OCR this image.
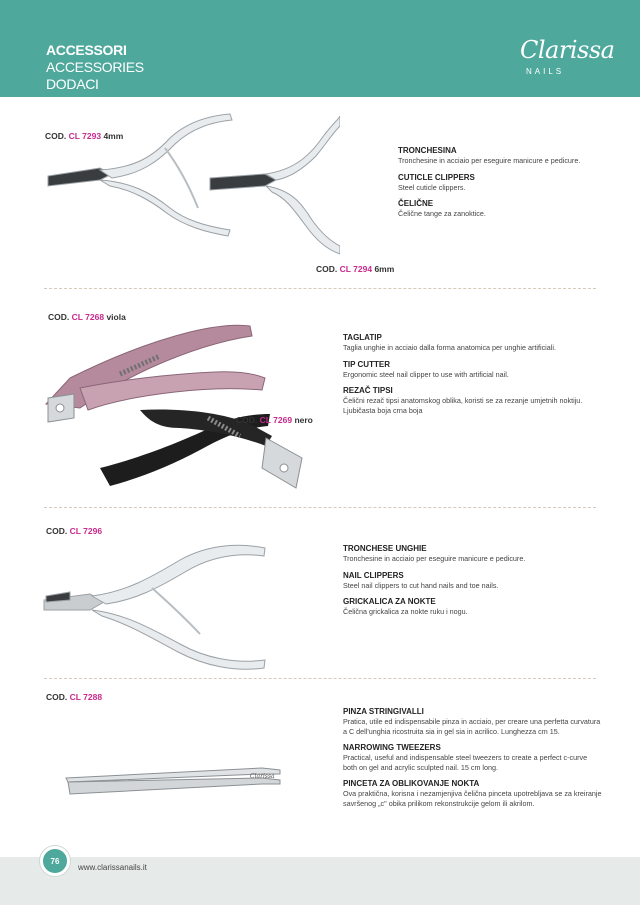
ACCESSORI
ACCESSORIES
DODACI
Clarissa
NAILS
COD. CL 7293 4mm
TRONCHESINA
Tronchesine in acciaio per eseguire manicure e pedicure.
CUTICLE CLIPPERS
Steel cuticle clippers.
ČELIČNE
Čelične tange za zanoktice.
COD. CL 7294 6mm
COD. CL 7268 viola
COD. CL 7269 nero
TAGLATIP
Taglia unghie in acciaio dalla forma anatomica per unghie artificiali.
TIP CUTTER
Ergonomic steel nail clipper to use with artificial nail.
REZAČ TIPSI
Čelični rezač tipsi anatomskog oblika, koristi se za rezanje umjetnih noktiju. Ljubičasta boja crna boja
COD. CL 7296
TRONCHESE UNGHIE
Tronchesine in acciaio per eseguire manicure e pedicure.
NAIL CLIPPERS
Steel nail clippers to cut hand nails and toe nails.
GRICKALICA ZA NOKTE
Čelična grickalica za nokte ruku i nogu.
COD. CL 7288
Clarissa
PINZA STRINGIVALLI
Pratica, utile ed indispensabile pinza in acciaio, per creare una perfetta curvatura a C dell'unghia ricostruita sia in gel sia in acrilico. Lunghezza cm 15.
NARROWING TWEEZERS
Practical, useful and indispensable steel tweezers to create a perfect c-curve both on gel and acrylic sculpted nail. 15 cm long.
PINCETA ZA OBLIKOVANJE NOKTA
Ova praktična, korisna i nezamjenjiva čelična pinceta upotrebljava se za kreiranje savršenog „c" obika prilikom rekonstrukcije gelom ili akrilom.
76
www.clarissanails.it
